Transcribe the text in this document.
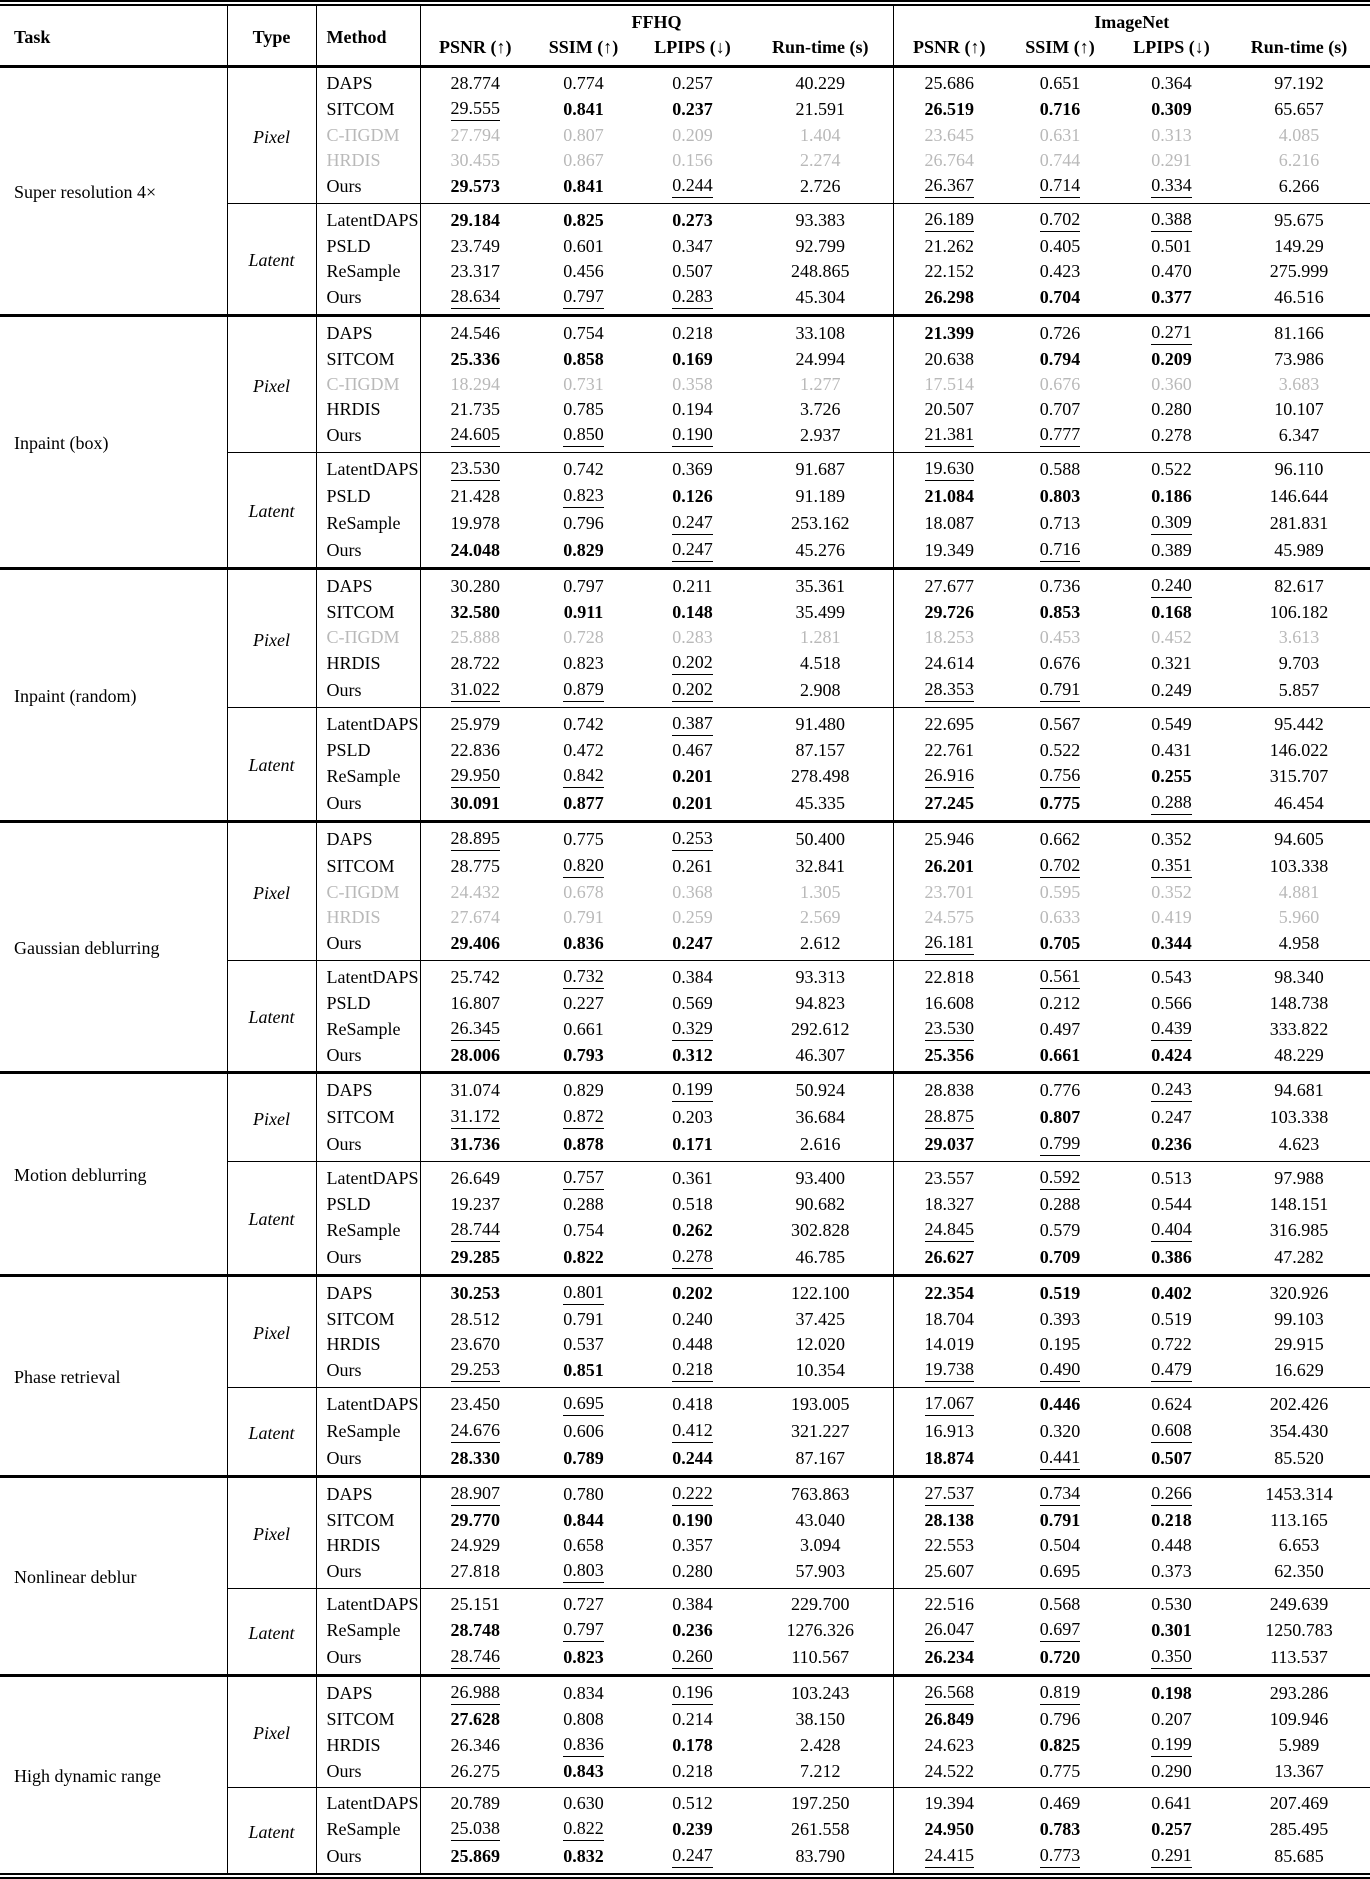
Task	Type	Method	FFHQ				ImageNet			
			PSNR (↑)	SSIM (↑)	LPIPS (↓)	Run-time (s)	PSNR (↑)	SSIM (↑)	LPIPS (↓)	Run-time (s)
Super resolution 4×	Pixel	DAPS	28.774	0.774	0.257	40.229	25.686	0.651	0.364	97.192
		SITCOM	29.555	0.841	0.237	21.591	26.519	0.716	0.309	65.657
		C-ΠGDM	27.794	0.807	0.209	1.404	23.645	0.631	0.313	4.085
		HRDIS	30.455	0.867	0.156	2.274	26.764	0.744	0.291	6.216
		Ours	29.573	0.841	0.244	2.726	26.367	0.714	0.334	6.266
	Latent	LatentDAPS	29.184	0.825	0.273	93.383	26.189	0.702	0.388	95.675
		PSLD	23.749	0.601	0.347	92.799	21.262	0.405	0.501	149.29
		ReSample	23.317	0.456	0.507	248.865	22.152	0.423	0.470	275.999
		Ours	28.634	0.797	0.283	45.304	26.298	0.704	0.377	46.516
Inpaint (box)	Pixel	DAPS	24.546	0.754	0.218	33.108	21.399	0.726	0.271	81.166
		SITCOM	25.336	0.858	0.169	24.994	20.638	0.794	0.209	73.986
		C-ΠGDM	18.294	0.731	0.358	1.277	17.514	0.676	0.360	3.683
		HRDIS	21.735	0.785	0.194	3.726	20.507	0.707	0.280	10.107
		Ours	24.605	0.850	0.190	2.937	21.381	0.777	0.278	6.347
	Latent	LatentDAPS	23.530	0.742	0.369	91.687	19.630	0.588	0.522	96.110
		PSLD	21.428	0.823	0.126	91.189	21.084	0.803	0.186	146.644
		ReSample	19.978	0.796	0.247	253.162	18.087	0.713	0.309	281.831
		Ours	24.048	0.829	0.247	45.276	19.349	0.716	0.389	45.989
Inpaint (random)	Pixel	DAPS	30.280	0.797	0.211	35.361	27.677	0.736	0.240	82.617
		SITCOM	32.580	0.911	0.148	35.499	29.726	0.853	0.168	106.182
		C-ΠGDM	25.888	0.728	0.283	1.281	18.253	0.453	0.452	3.613
		HRDIS	28.722	0.823	0.202	4.518	24.614	0.676	0.321	9.703
		Ours	31.022	0.879	0.202	2.908	28.353	0.791	0.249	5.857
	Latent	LatentDAPS	25.979	0.742	0.387	91.480	22.695	0.567	0.549	95.442
		PSLD	22.836	0.472	0.467	87.157	22.761	0.522	0.431	146.022
		ReSample	29.950	0.842	0.201	278.498	26.916	0.756	0.255	315.707
		Ours	30.091	0.877	0.201	45.335	27.245	0.775	0.288	46.454
Gaussian deblurring	Pixel	DAPS	28.895	0.775	0.253	50.400	25.946	0.662	0.352	94.605
		SITCOM	28.775	0.820	0.261	32.841	26.201	0.702	0.351	103.338
		C-ΠGDM	24.432	0.678	0.368	1.305	23.701	0.595	0.352	4.881
		HRDIS	27.674	0.791	0.259	2.569	24.575	0.633	0.419	5.960
		Ours	29.406	0.836	0.247	2.612	26.181	0.705	0.344	4.958
	Latent	LatentDAPS	25.742	0.732	0.384	93.313	22.818	0.561	0.543	98.340
		PSLD	16.807	0.227	0.569	94.823	16.608	0.212	0.566	148.738
		ReSample	26.345	0.661	0.329	292.612	23.530	0.497	0.439	333.822
		Ours	28.006	0.793	0.312	46.307	25.356	0.661	0.424	48.229
Motion deblurring	Pixel	DAPS	31.074	0.829	0.199	50.924	28.838	0.776	0.243	94.681
		SITCOM	31.172	0.872	0.203	36.684	28.875	0.807	0.247	103.338
		Ours	31.736	0.878	0.171	2.616	29.037	0.799	0.236	4.623
	Latent	LatentDAPS	26.649	0.757	0.361	93.400	23.557	0.592	0.513	97.988
		PSLD	19.237	0.288	0.518	90.682	18.327	0.288	0.544	148.151
		ReSample	28.744	0.754	0.262	302.828	24.845	0.579	0.404	316.985
		Ours	29.285	0.822	0.278	46.785	26.627	0.709	0.386	47.282
Phase retrieval	Pixel	DAPS	30.253	0.801	0.202	122.100	22.354	0.519	0.402	320.926
		SITCOM	28.512	0.791	0.240	37.425	18.704	0.393	0.519	99.103
		HRDIS	23.670	0.537	0.448	12.020	14.019	0.195	0.722	29.915
		Ours	29.253	0.851	0.218	10.354	19.738	0.490	0.479	16.629
	Latent	LatentDAPS	23.450	0.695	0.418	193.005	17.067	0.446	0.624	202.426
		ReSample	24.676	0.606	0.412	321.227	16.913	0.320	0.608	354.430
		Ours	28.330	0.789	0.244	87.167	18.874	0.441	0.507	85.520
Nonlinear deblur	Pixel	DAPS	28.907	0.780	0.222	763.863	27.537	0.734	0.266	1453.314
		SITCOM	29.770	0.844	0.190	43.040	28.138	0.791	0.218	113.165
		HRDIS	24.929	0.658	0.357	3.094	22.553	0.504	0.448	6.653
		Ours	27.818	0.803	0.280	57.903	25.607	0.695	0.373	62.350
	Latent	LatentDAPS	25.151	0.727	0.384	229.700	22.516	0.568	0.530	249.639
		ReSample	28.748	0.797	0.236	1276.326	26.047	0.697	0.301	1250.783
		Ours	28.746	0.823	0.260	110.567	26.234	0.720	0.350	113.537
High dynamic range	Pixel	DAPS	26.988	0.834	0.196	103.243	26.568	0.819	0.198	293.286
		SITCOM	27.628	0.808	0.214	38.150	26.849	0.796	0.207	109.946
		HRDIS	26.346	0.836	0.178	2.428	24.623	0.825	0.199	5.989
		Ours	26.275	0.843	0.218	7.212	24.522	0.775	0.290	13.367
	Latent	LatentDAPS	20.789	0.630	0.512	197.250	19.394	0.469	0.641	207.469
		ReSample	25.038	0.822	0.239	261.558	24.950	0.783	0.257	285.495
		Ours	25.869	0.832	0.247	83.790	24.415	0.773	0.291	85.685
